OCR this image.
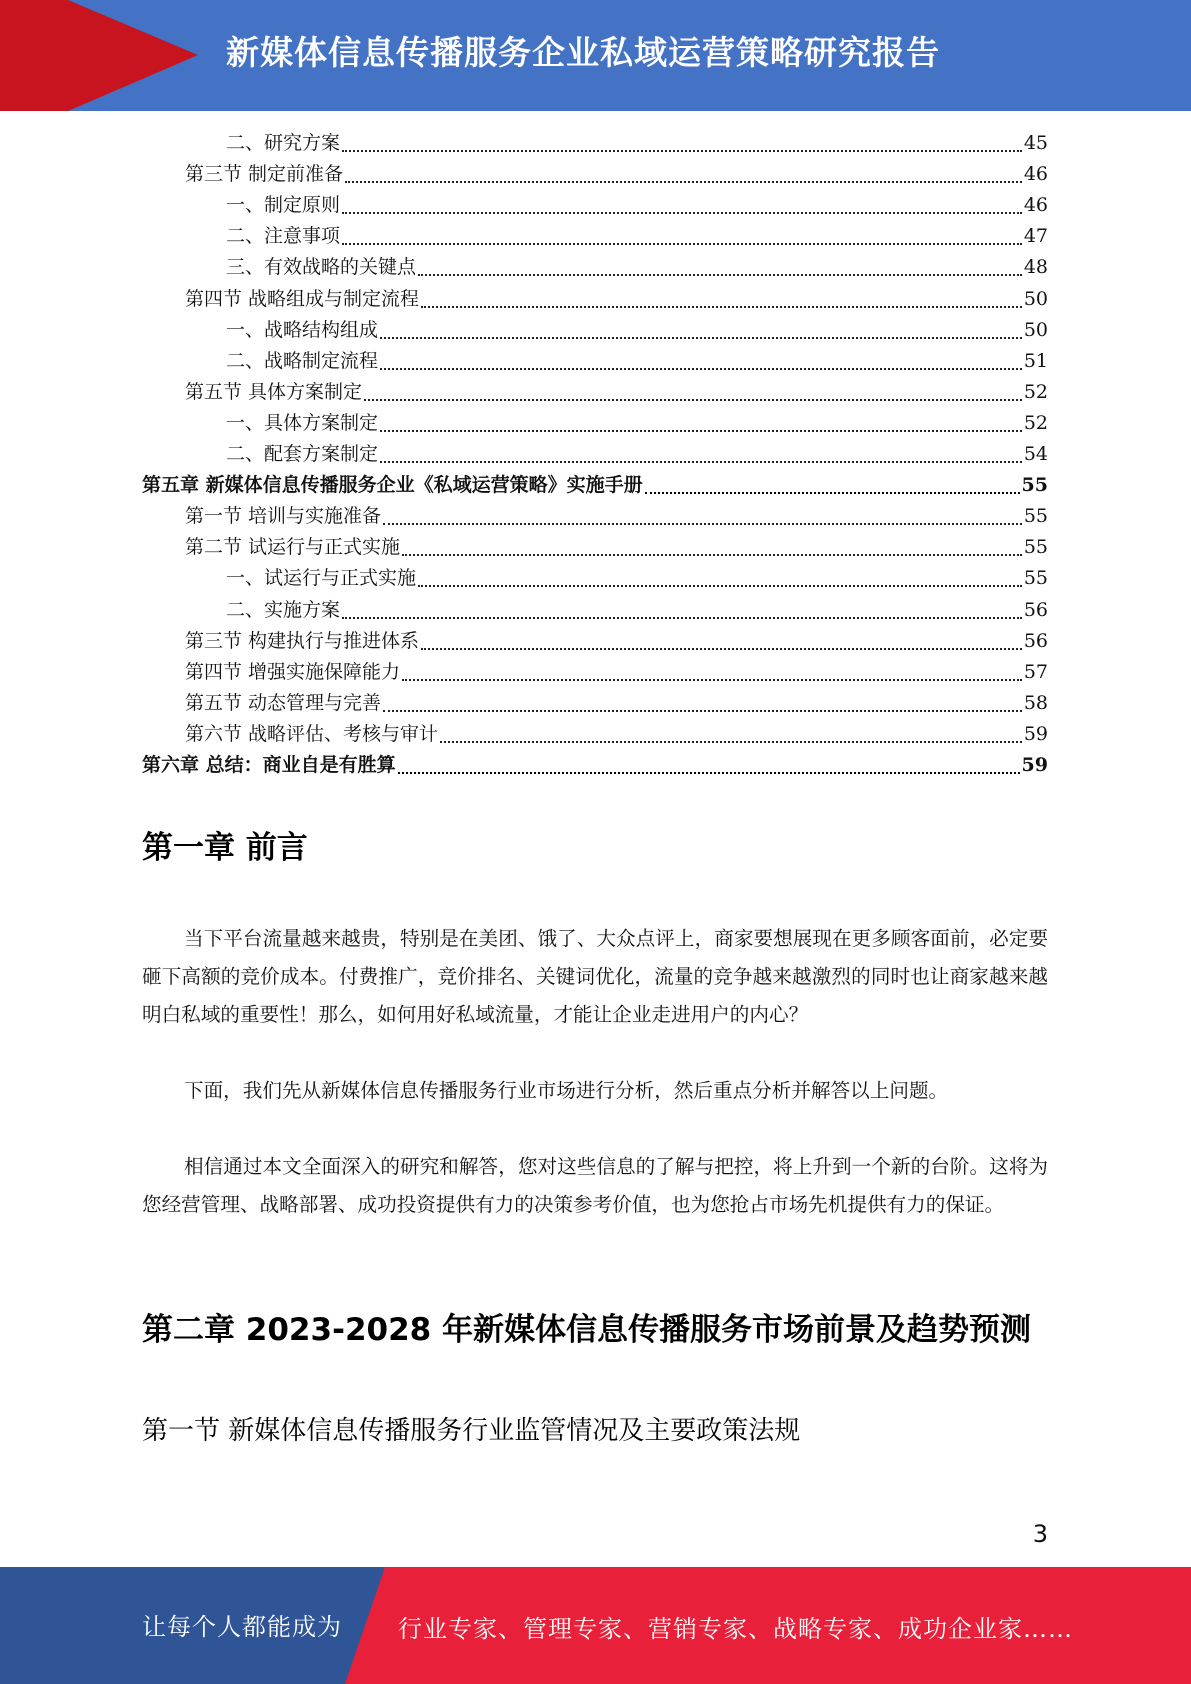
新媒体信息传播服务企业私域运营策略研究报告
二、研究方案	45
第三节 制定前准备	46
一、制定原则	46
二、注意事项	47
三、有效战略的关键点	48
第四节 战略组成与制定流程	50
一、战略结构组成	50
二、战略制定流程	51
第五节 具体方案制定	52
一、具体方案制定	52
二、配套方案制定	54
第五章 新媒体信息传播服务企业《私域运营策略》实施手册	55
第一节 培训与实施准备	55
第二节 试运行与正式实施	55
一、试运行与正式实施	55
二、实施方案	56
第三节 构建执行与推进体系	56
第四节 增强实施保障能力	57
第五节 动态管理与完善	58
第六节 战略评估、考核与审计	59
第六章 总结：商业自是有胜算	59
第一章 前言
当下平台流量越来越贵，特别是在美团、饿了、大众点评上，商家要想展现在更多顾客面前，必定要砸下高额的竞价成本。付费推广，竞价排名、关键词优化，流量的竞争越来越激烈的同时也让商家越来越明白私域的重要性！那么，如何用好私域流量，才能让企业走进用户的内心？
下面，我们先从新媒体信息传播服务行业市场进行分析，然后重点分析并解答以上问题。
相信通过本文全面深入的研究和解答，您对这些信息的了解与把控，将上升到一个新的台阶。这将为您经营管理、战略部署、成功投资提供有力的决策参考价值，也为您抢占市场先机提供有力的保证。
第二章 2023-2028 年新媒体信息传播服务市场前景及趋势预测
第一节 新媒体信息传播服务行业监管情况及主要政策法规
3
让每个人都能成为 行业专家、管理专家、营销专家、战略专家、成功企业家……
